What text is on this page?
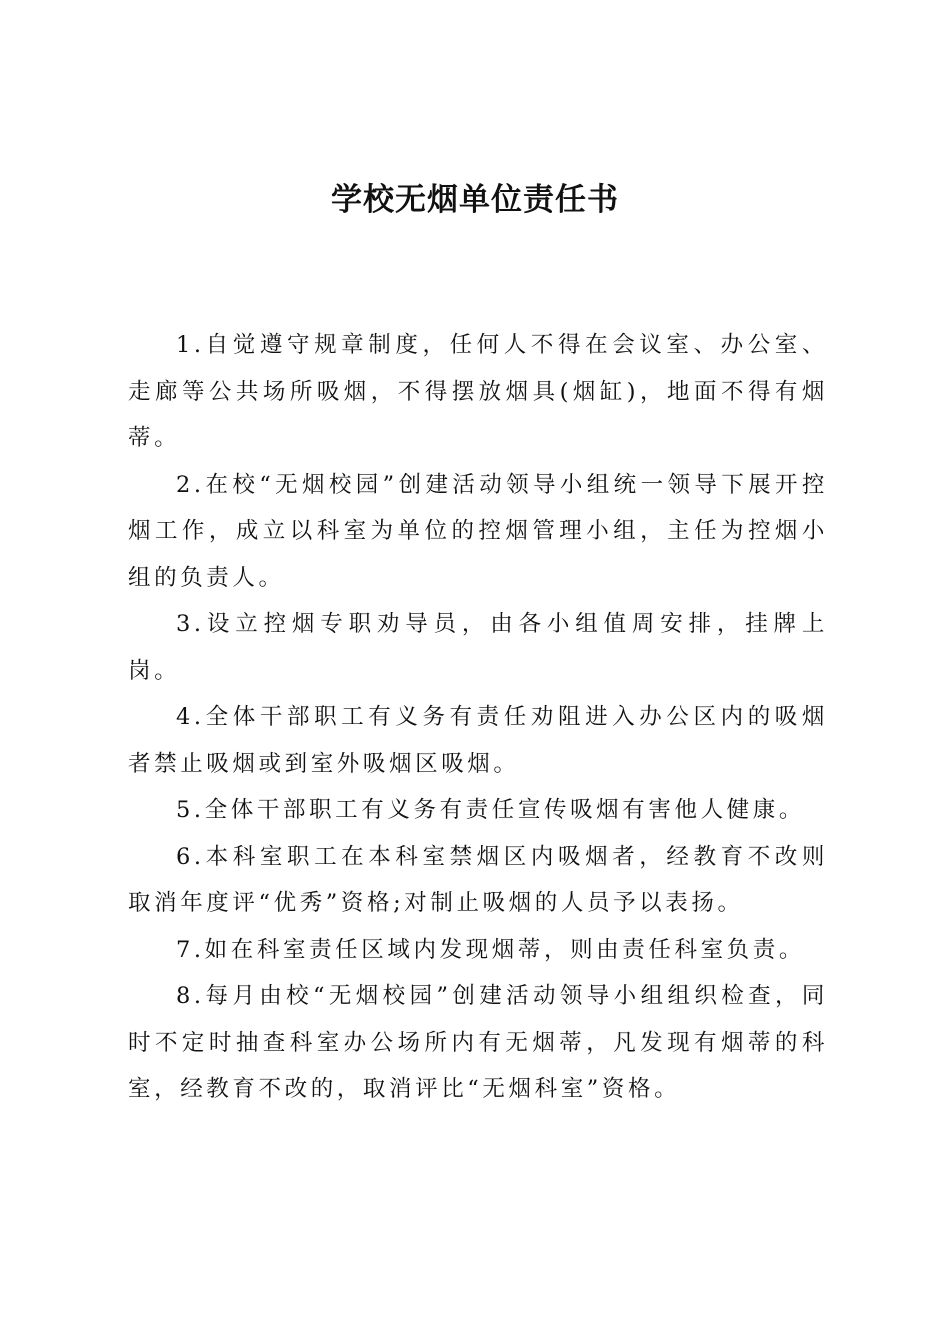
学校无烟单位责任书

1.自觉遵守规章制度，任何人不得在会议室、办公室、走廊等公共场所吸烟，不得摆放烟具(烟缸)，地面不得有烟蒂。

2.在校“无烟校园”创建活动领导小组统一领导下展开控烟工作，成立以科室为单位的控烟管理小组，主任为控烟小组的负责人。

3.设立控烟专职劝导员，由各小组值周安排，挂牌上岗。

4.全体干部职工有义务有责任劝阻进入办公区内的吸烟者禁止吸烟或到室外吸烟区吸烟。

5.全体干部职工有义务有责任宣传吸烟有害他人健康。

6.本科室职工在本科室禁烟区内吸烟者，经教育不改则取消年度评“优秀”资格;对制止吸烟的人员予以表扬。

7.如在科室责任区域内发现烟蒂，则由责任科室负责。

8.每月由校“无烟校园”创建活动领导小组组织检查，同时不定时抽查科室办公场所内有无烟蒂，凡发现有烟蒂的科室，经教育不改的，取消评比“无烟科室”资格。
